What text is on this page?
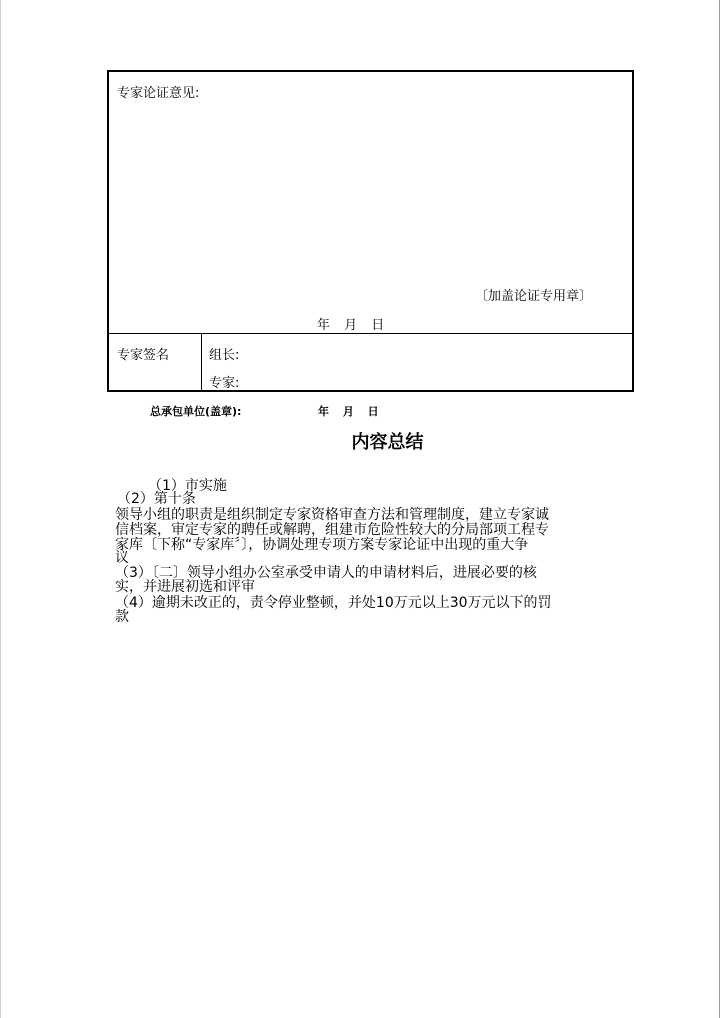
专家论证意见:
〔加盖论证专用章〕
年 月 日
专家签名	组长:
专家:
总承包单位(盖章):	年 月 日
内容总结
（1）市实施
（2）第十条
领导小组的职责是组织制定专家资格审查方法和管理制度，建立专家诚
信档案，审定专家的聘任或解聘，组建市危险性较大的分局部项工程专
家库〔下称“专家库〞〕，协调处理专项方案专家论证中出现的重大争
议
（3）〔二〕领导小组办公室承受申请人的申请材料后，进展必要的核
实，并进展初选和评审
（4）逾期未改正的，责令停业整顿，并处10万元以上30万元以下的罚
款
